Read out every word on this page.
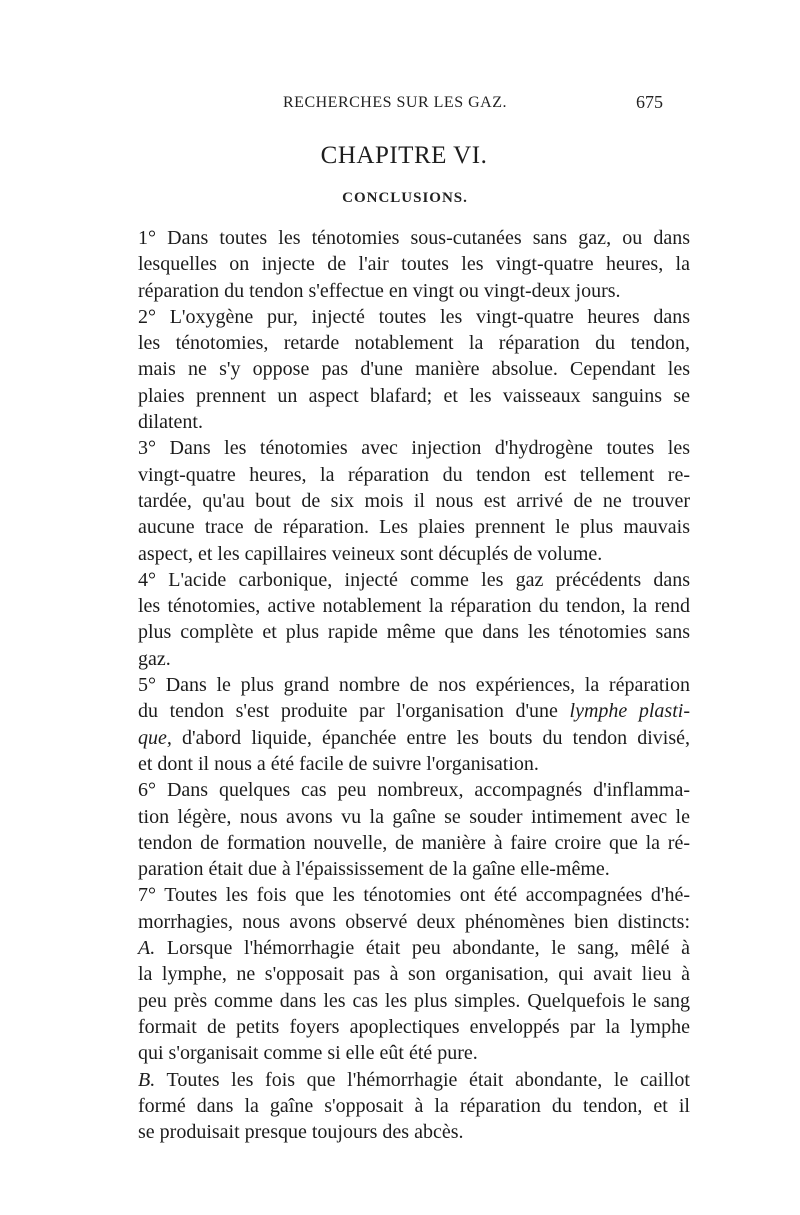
RECHERCHES SUR LES GAZ.	675
CHAPITRE VI.
CONCLUSIONS.

1° Dans toutes les ténotomies sous-cutanées sans gaz, ou dans
lesquelles on injecte de l'air toutes les vingt-quatre heures, la
réparation du tendon s'effectue en vingt ou vingt-deux jours.

2° L'oxygène pur, injecté toutes les vingt-quatre heures dans
les ténotomies, retarde notablement la réparation du tendon,
mais ne s'y oppose pas d'une manière absolue. Cependant les
plaies prennent un aspect blafard; et les vaisseaux sanguins se
dilatent.

3° Dans les ténotomies avec injection d'hydrogène toutes les
vingt-quatre heures, la réparation du tendon est tellement re-
tardée, qu'au bout de six mois il nous est arrivé de ne trouver
aucune trace de réparation. Les plaies prennent le plus mauvais
aspect, et les capillaires veineux sont décuplés de volume.

4° L'acide carbonique, injecté comme les gaz précédents dans
les ténotomies, active notablement la réparation du tendon, la rend
plus complète et plus rapide même que dans les ténotomies sans
gaz.

5° Dans le plus grand nombre de nos expériences, la réparation
du tendon s'est produite par l'organisation d'une lymphe plasti-
que, d'abord liquide, épanchée entre les bouts du tendon divisé,
et dont il nous a été facile de suivre l'organisation.

6° Dans quelques cas peu nombreux, accompagnés d'inflamma-
tion légère, nous avons vu la gaîne se souder intimement avec le
tendon de formation nouvelle, de manière à faire croire que la ré-
paration était due à l'épaississement de la gaîne elle-même.

7° Toutes les fois que les ténotomies ont été accompagnées d'hé-
morrhagies, nous avons observé deux phénomènes bien distincts:

A. Lorsque l'hémorrhagie était peu abondante, le sang, mêlé à
la lymphe, ne s'opposait pas à son organisation, qui avait lieu à
peu près comme dans les cas les plus simples. Quelquefois le sang
formait de petits foyers apoplectiques enveloppés par la lymphe
qui s'organisait comme si elle eût été pure.

B. Toutes les fois que l'hémorrhagie était abondante, le caillot
formé dans la gaîne s'opposait à la réparation du tendon, et il
se produisait presque toujours des abcès.
